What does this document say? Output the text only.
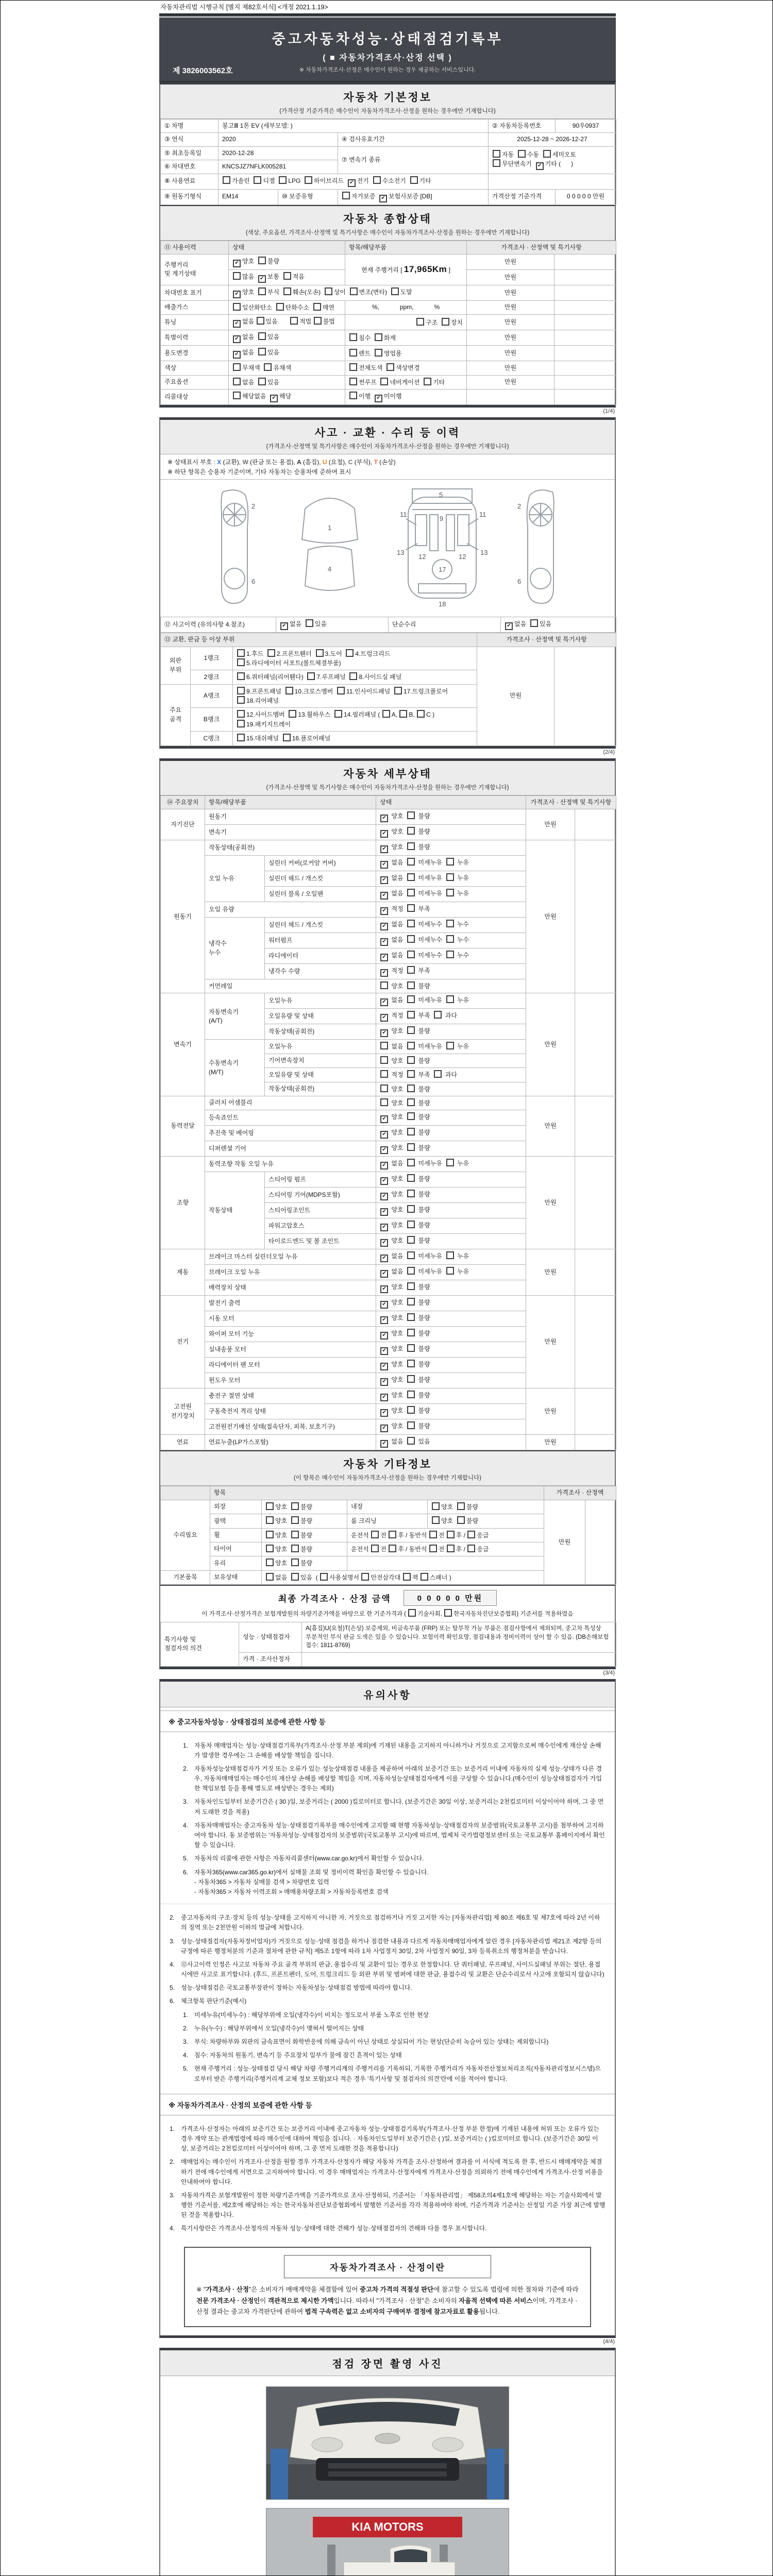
자동차관리법 시행규칙 [별지 제82호서식] <개정 2021.1.19>
중고자동차성능·상태점검기록부
( ■ 자동차가격조사·산정 선택 )
※ 자동차가격조사·산정은 매수인이 원하는 경우 제공하는 서비스입니다.
제 3826003562호
자동차 기본정보
(가격산정 기준가격은 매수인이 자동차가격조사·산정을 원하는 경우에만 기재합니다)
① 차명	봉고Ⅲ 1톤 EV (세부모델: )			② 자동차등록번호	90우0937
③ 연식	2020		④ 검사유효기간	2025-12-28 ~ 2026-12-27	
⑤ 최초등록일	2020-12-28		⑦ 변속기 종류	자동  수동  세미오토
무단변속기  ✔ 기타 (      )	
⑥ 차대번호	KNCSJZ7NFLK005281				
⑧ 사용연료	가솔린  디젤  LPG  하이브리드  ✔ 전기  수소전기  기타				
⑨ 원동기형식	EM14	⑩ 보증유형	자가보증  ✔ 보험사보증 [DB]	가격산정 기준가격	0 0 0 0 0 만원
자동차 종합상태
(색상, 주요옵션, 가격조사·산정액 및 특기사항은 매수인이 자동차가격조사·산정을 원하는 경우에만 기재합니다)
⑪ 사용이력	상태	항목/해당부품	가격조사 · 산정액 및 특기사항	
주행거리
및 계기상태	✔ 양호  불량	현재 주행거리 [ 17,965Km ]	만원	
	많음  ✔ 보통  적음		만원	
차대번호 표기	✔ 양호  부식  훼손(오손)  상이  변조(변타)  도말		만원	
배출가스	일산화탄소  탄화수소  매연	%,            ppm,            %	만원	
튜닝	✔ 없음 있음       적법 불법	구조  장치	만원	
특별이력	✔ 없음  있음	침수  화재	만원	
용도변경	✔ 없음  있음	렌트  영업용	만원	
색상	무채색  유채색	전체도색  색상변경	만원	
주요옵션	없음  있음	썬루프  네비게이션  기타	만원	
리콜대상	해당없음  ✔ 해당	이행  ✔ 미이행		
(1/4)
사고 · 교환 · 수리 등 이력
(가격조사·산정액 및 특기사항은 매수인이 자동차가격조사·산정을 원하는 경우에만 기재합니다)
※ 상태표시 부호 : X (교환), W (판금 또는 용접), A (흠집), U (요철), C (부식), T (손상)
※ 하단 항목은 승용차 기준이며, 기타 자동차는 승용차에 준하여 표시
2
6
1
4
11	11
5
9
13	13
12	12
17
18
2
6
⑫ 사고이력 (유의사항 4.참조)	✔ 없음  있음	단순수리	✔ 없음  있음
⑬ 교환, 판금 등 이상 부위			가격조사 · 산정액 및 특기사항	
외판
부위	1랭크	1.후드  2.프론트휀더  3.도어  4.트렁크리드
5.라디에이터 서포트(볼트체결부품)	만원	
	2랭크	6.쿼터패널(리어휀다)  7.루프패널  8.사이드실 패널		
주요
골격	A랭크	9.프론트패널  10.크로스멤버  11.인사이드패널  17.트렁크플로어
18.리어패널		
	B랭크	12.사이드멤버  13.휠하우스  14.필러패널 ( A, B, C )
19.패키지트레이		
	C랭크	15.대쉬패널  16.플로어패널		
(2/4)
자동차 세부상태
(가격조사·산정액 및 특기사항은 매수인이 자동차가격조사·산정을 원하는 경우에만 기재합니다)
⑭ 주요장치	항목/해당부품		상태	가격조사 · 산정액 및 특기사항	
자기진단	원동기		✔ 양호   불량	만원	
	변속기		✔ 양호   불량		
원동기	작동상태(공회전)		✔ 양호   불량	만원	
	오일 누유	실린더 커버(로커암 커버)	✔ 없음   미세누유   누유		
		실린더 헤드 / 개스킷	✔ 없음   미세누유   누유		
		실린더 블록 / 오일팬	✔ 없음   미세누유   누유		
	오일 유량		✔ 적정   부족		
	냉각수
누수	실린더 헤드 / 개스킷	✔ 없음   미세누수   누수		
		워터펌프	✔ 없음   미세누수   누수		
		라디에이터	✔ 없음   미세누수   누수		
		냉각수 수량	✔ 적정   부족		
	커먼레일		양호   불량		
변속기	자동변속기
(A/T)	오일누유	✔ 없음   미세누유   누유	만원	
		오일유량 및 상태	✔ 적정   부족   과다		
		작동상태(공회전)	✔ 양호   불량		
	수동변속기
(M/T)	오일누유	없음   미세누유   누유		
		기어변속장치	양호   불량		
		오일유량 및 상태	적정   부족   과다		
		작동상태(공회전)	양호   불량		
동력전달	클러치 어셈블리		양호   불량	만원	
	등속죠인트		✔ 양호   불량		
	추진축 및 베어링		✔ 양호   불량		
	디퍼렌셜 기어		✔ 양호   불량		
조향	동력조향 작동 오일 누유		✔ 없음   미세누유   누유	만원	
	작동상태	스티어링 펌프	✔ 양호   불량		
		스티어링 기어(MDPS포함)	✔ 양호   불량		
		스티어링조인트	✔ 양호   불량		
		파워고압호스	✔ 양호   불량		
		타이로드엔드 및 볼 조인트	✔ 양호   불량		
제동	브레이크 마스터 실린더오일 누유		✔ 없음   미세누유   누유	만원	
	브레이크 오일 누유		✔ 없음   미세누유   누유		
	배력장치 상태		✔ 양호   불량		
전기	발전기 출력		✔ 양호   불량	만원	
	시동 모터		✔ 양호   불량		
	와이퍼 모터 기능		✔ 양호   불량		
	실내송풍 모터		✔ 양호   불량		
	라디에이터 팬 모터		✔ 양호   불량		
	윈도우 모터		✔ 양호   불량		
고전원
전기장치	충전구 절연 상태		✔ 양호   불량	만원	
	구동축전지 격리 상태		✔ 양호   불량		
	고전원전기배선 상태(접속단자, 피복, 보호기구)		✔ 양호   불량		
연료	연료누출(LP가스포함)		✔ 없음   있음	만원	
자동차 기타정보
(이 항목은 매수인이 자동차가격조사·산정을 원하는 경우에만 기재합니다)
	항목				가격조사 · 산정액	
수리필요	외장	양호  불량	내장	양호  불량	만원	
	광택	양호  불량	룸 크리닝	양호  불량		
	휠	양호  불량	운전석 전 후 / 동반석 전 후 / 응급			
	타이어	양호  불량	운전석 전 후 / 동반석 전 후 / 응급			
	유리	양호  불량				
기본품목	보유상태	없음  있음  ( 사용설명서 안전삼각대 잭 스패너 )				
최종 가격조사 · 산정 금액	0 0 0 0 0 만원
이 가격조사·산정가격은 보험개발원의 차량기준가액을 바탕으로 한 기준가격과 ( 기술사회, 한국자동차진단보증협회) 기준서를 적용하였음
특기사항 및
점검자의 의견	성능 · 상태점검자	A(흠집)U(요철)T(손상) 보증제외, 비금속부품 (FRP) 또는 탈부착 가능 부품은 점검사항에서 제외되며, 중고차 특성상 부분적인 부식 판금 도색은 있을 수 있습니다. 보험이력 확인요망, 점검내용과 정비이력이 상이 할 수 있음. (DB손해보험 접수: 1811-8769)
	가격 · 조사산정자	
(3/4)
유의사항
※ 중고자동차성능 · 상태점검의 보증에 관한 사항 등
1. 자동차 매매업자는 성능·상태점검기록부(가격조사·산정 부분 제외)에 기재된 내용을 고지하지 아니하거나 거짓으로 고지함으로써 매수인에게 재산상 손해가 발생한 경우에는 그 손해를 배상할 책임을 집니다.
2. 자동차성능상태점검자가 거짓 또는 오류가 있는 성능상태점검 내용을 제공하여 아래의 보증기간 또는 보증거리 이내에 자동차의 실제 성능·상태가 다른 경우, 자동차매매업자는 매수인의 재산상 손해를 배상할 책임을 지며, 자동차성능상태점검자에게 이를 구상할 수 있습니다.(매수인이 성능상태점검자가 가입한 책임보험 등을 통해 별도로 배상받는 경우는 제외)
3. 자동차인도일부터 보증기간은 ( 30 )일, 보증거리는 ( 2000 )킬로미터로 합니다. (보증기간은 30일 이상, 보증거리는 2천킬로미터 이상이어야 하며, 그 중 먼저 도래한 것을 적용)
4. 자동차매매업자는 중고자동차 성능·상태점검기록부를 매수인에게 고지할 때 현행 자동차성능·상태점검자의 보증범위(국토교통부 고시)를 첨부하여 고지하여야 합니다. 동 보증범위는 '자동차성능·상태점검자의 보증범위'(국토교통부 고시)에 따르며, 법제처 국가법령정보센터 또는 국토교통부 홈페이지에서 확인할 수 있습니다.
5. 자동차의 리콜에 관한 사항은 자동차리콜센터(www.car.go.kr)에서 확인할 수 있습니다.
6. 자동차365(www.car365.go.kr)에서 실매물 조회 및 정비이력 확인을 확인할 수 있습니다.
- 자동차365 > 자동차 실매물 검색 > 차량번호 입력
- 자동차365 > 자동차 이력조회 > 매매용차량조회 > 자동차등록번호 검색
2. 중고자동차의 구조·장치 등의 성능·상태를 고지하지 아니한 자, 거짓으로 점검하거나 거짓 고지한 자는 [자동차관리법] 제 80조 제6호 및 제7호에 따라 2년 이하의 징역 또는 2천만원 이하의 벌금에 처합니다.
3. 성능·상태점검자(자동차정비업자)가 거짓으로 성능·상태 점검을 하거나 점검한 내용과 다르게 자동차매매업자에게 알린 경우 [자동차관리법 제21조 제2항 등의 규정에 따른 행정처분의 기준과 절차에 관한 규칙] 제5조 1항에 따라 1차 사업정지 30일, 2차 사업정지 90일, 3차 등록취소의 행정처분을 받습니다.
4. ⑫사고이력 인정은 사고로 자동차 주요 골격 부위의 판금, 용접수리 및 교환이 있는 경우로 한정합니다. 단 쿼터패널, 루프패널, 사이드실패널 부위는 절단, 용접 시에만 사고로 표기합니다. (후드, 프론트펜더, 도어, 트렁크리드 등 외판 부위 및 범퍼에 대한 판금, 용접수리 및 교환은 단순수리로서 사고에 포함되지 않습니다)
5. 성능·상태점검은 국토교통부장관이 정하는 자동차성능·상태점검 방법에 따라야 합니다.
6. 체크항목 판단기준(예시)
1. 미세누유(미세누수) : 해당부위에 오일(냉각수)이 비치는 정도로서 부품 노후로 인한 현상
2. 누유(누수) : 해당부위에서 오일(냉각수)이 맺혀서 떨어지는 상태
3. 부식: 차량하부와 외판의 금속표면이 화학반응에 의해 금속이 아닌 상태로 상실되어 가는 현상(단순히 녹슬어 있는 상태는 제외합니다)
4. 침수: 자동차의 원동기, 변속기 등 주요장치 일부가 물에 잠긴 흔적이 있는 상태
5. 현재 주행거리 : 성능·상태점검 당시 해당 차량 주행거리계의 주행거리를 기록하되, 기록한 주행거리가 자동차전산정보처리조직(자동차관리정보시스템)으로부터 받은 주행거리(주행거리계 교체 정보 포함)보다 적은 경우 '특기사항 및 점검자의 의견'란에 이를 적어야 합니다.
※ 자동차가격조사 · 산정의 보증에 관한 사항 등
1. 가격조사·산정자는 아래의 보증기간 또는 보증거리 이내에 중고자동차 성능·상태점검기록부(가격조사·산정 부분 한정)에 기재된 내용에 허위 또는 오류가 있는 경우 계약 또는 관계법령에 따라 매수인에 대하여 책임을 집니다. · 자동차인도일부터 보증기간은 ( )일, 보증거리는 ( )킬로미터로 합니다. (보증기간은 30일 이상, 보증거리는 2천킬로미터 이상이어야 하며, 그 중 먼저 도래한 것을 적용합니다)
2. 매매업자는 매수인이 가격조사·산정을 원할 경우 가격조사·산정자가 해당 자동차 가격을 조사·산정하여 결과를 이 서식에 적도록 한 후, 반드시 매매계약을 체결하기 전에 매수인에게 서면으로 고지하여야 합니다. 이 경우 매매업자는 가격조사·산정자에게 가격조사·산정을 의뢰하기 전에 매수인에게 가격조사·산정 비용을 안내하여야 합니다.
3. 자동차가격은 보험개발원이 정한 차량기준가액을 기준가격으로 조사·산정하되, 기준서는 「자동차관리법」 제58조의4제1호에 해당하는 자는 기술사회에서 발행한 기준서를, 제2호에 해당하는 자는 한국자동차진단보증협회에서 발행한 기준서를 각각 적용하여야 하며, 기준가격과 기준서는 산정일 기준 가장 최근에 발행된 것을 적용합니다.
4. 특기사항란은 가격조사·산정자의 자동차 성능·상태에 대한 견해가 성능·상태점검자의 견해와 다를 경우 표시합니다.
자동차가격조사 · 산정이란
※ "가격조사 · 산정"은 소비자가 매매계약을 체결함에 있어 중고차 가격의 적절성 판단에 참고할 수 있도록 법령에 의한 절차와 기준에 따라 전문 가격조사 · 산정인이 객관적으로 제시한 가액입니다. 따라서 "가격조사 · 산정"은 소비자의 자율적 선택에 따른 서비스이며, 가격조사 · 산정 결과는 중고차 가격판단에 관하여 법적 구속력은 없고 소비자의 구매여부 결정에 참고자료로 활용됩니다.
(4/4)
점검 장면 촬영 사진

KIA MOTORS
